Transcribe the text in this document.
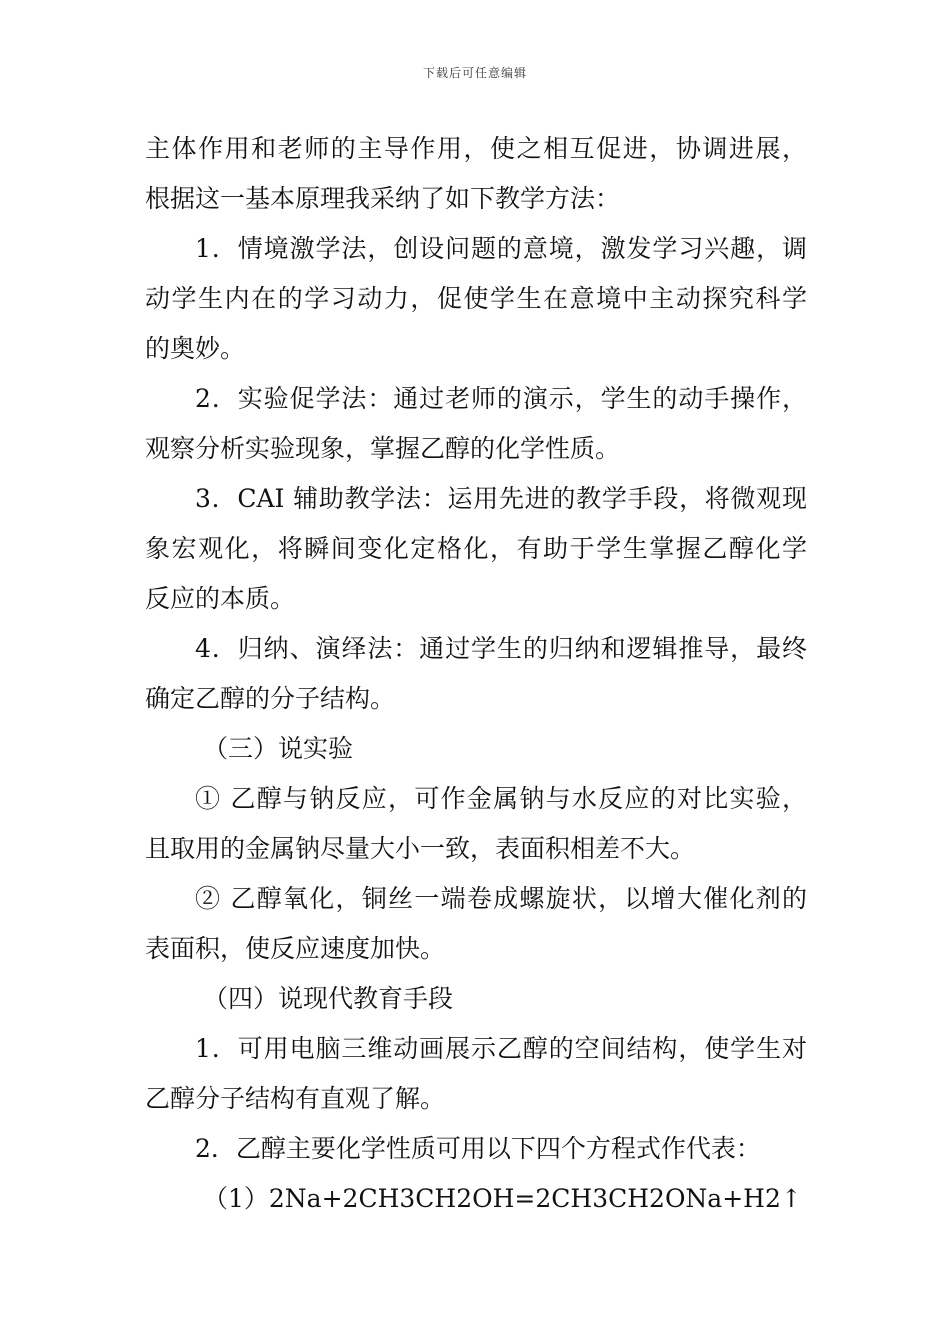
下载后可任意编辑
主体作用和老师的主导作用，使之相互促进，协调进展，
根据这一基本原理我采纳了如下教学方法：
1．情境激学法，创设问题的意境，激发学习兴趣，调
动学生内在的学习动力，促使学生在意境中主动探究科学
的奥妙。
2．实验促学法：通过老师的演示，学生的动手操作，
观察分析实验现象，掌握乙醇的化学性质。
3．CAI 辅助教学法：运用先进的教学手段，将微观现
象宏观化，将瞬间变化定格化，有助于学生掌握乙醇化学
反应的本质。
4．归纳、演绎法：通过学生的归纳和逻辑推导，最终
确定乙醇的分子结构。
（三）说实验
① 乙醇与钠反应，可作金属钠与水反应的对比实验，
且取用的金属钠尽量大小一致，表面积相差不大。
② 乙醇氧化，铜丝一端卷成螺旋状，以增大催化剂的
表面积，使反应速度加快。
（四）说现代教育手段
1．可用电脑三维动画展示乙醇的空间结构，使学生对
乙醇分子结构有直观了解。
2．乙醇主要化学性质可用以下四个方程式作代表：
（1）2Na+2CH3CH2OH=2CH3CH2ONa+H2↑
